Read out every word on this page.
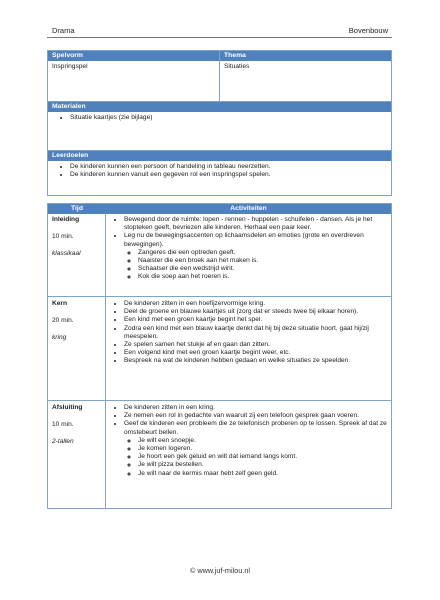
Drama	Bovenbouw
Spelvorm
Inspringspel
Thema
Situaties
Materialen
• Situatie kaartjes (zie bijlage)
Leerdoelen
• De kinderen kunnen een persoon of handeling in tableau neerzetten.
• De kinderen kunnen vanuit een gegeven rol een inspringspel spelen.
Tijd	Activiteiten
Inleiding
10 min.
klassikaal
• Bewegend door de ruimte: lopen - rennen - huppelen - schuifelen - dansen. Als je het stopteken geeft, bevriezen alle kinderen. Herhaal een paar keer.
• Leg nu de bewegingsaccenten op lichaamsdelen en emoties (grote en overdreven bewegingen).
◦ Zangeres die een optreden geeft.
◦ Naaister die een broek aan het maken is.
◦ Schaatser die een wedstrijd wint.
◦ Kok die soep aan het roeren is.
Kern
20 min.
kring
• De kinderen zitten in een hoefijzervormige kring.
• Deel de groene en blauwe kaartjes uit (zorg dat er steeds twee bij elkaar horen).
• Een kind met een groen kaartje begint het spel.
• Zodra een kind met een blauw kaartje denkt dat hij bij deze situatie hoort, gaat hij/zij meespelen.
• Ze spelen samen het stukje af en gaan dan zitten.
• Een volgend kind met een groen kaartje begint weer, etc.
• Bespreek na wat de kinderen hebben gedaan en welke situaties ze speelden.
Afsluiting
10 min.
2-tallen
• De kinderen zitten in een kring.
• Ze nemen een rol in gedachte van waaruit zij een telefoon gesprek gaan voeren.
• Geef de kinderen een probleem die ze telefonisch proberen op te lossen. Spreek af dat ze omstebeurt bellen.
◦ Je wilt een snoepje.
◦ Je komen logeren.
◦ Je hoort een gek geluid en wilt dat iemand langs komt.
◦ Je wilt pizza bestellen.
◦ Je wilt naar de kermis maar hebt zelf geen geld.
© www.juf-milou.nl
